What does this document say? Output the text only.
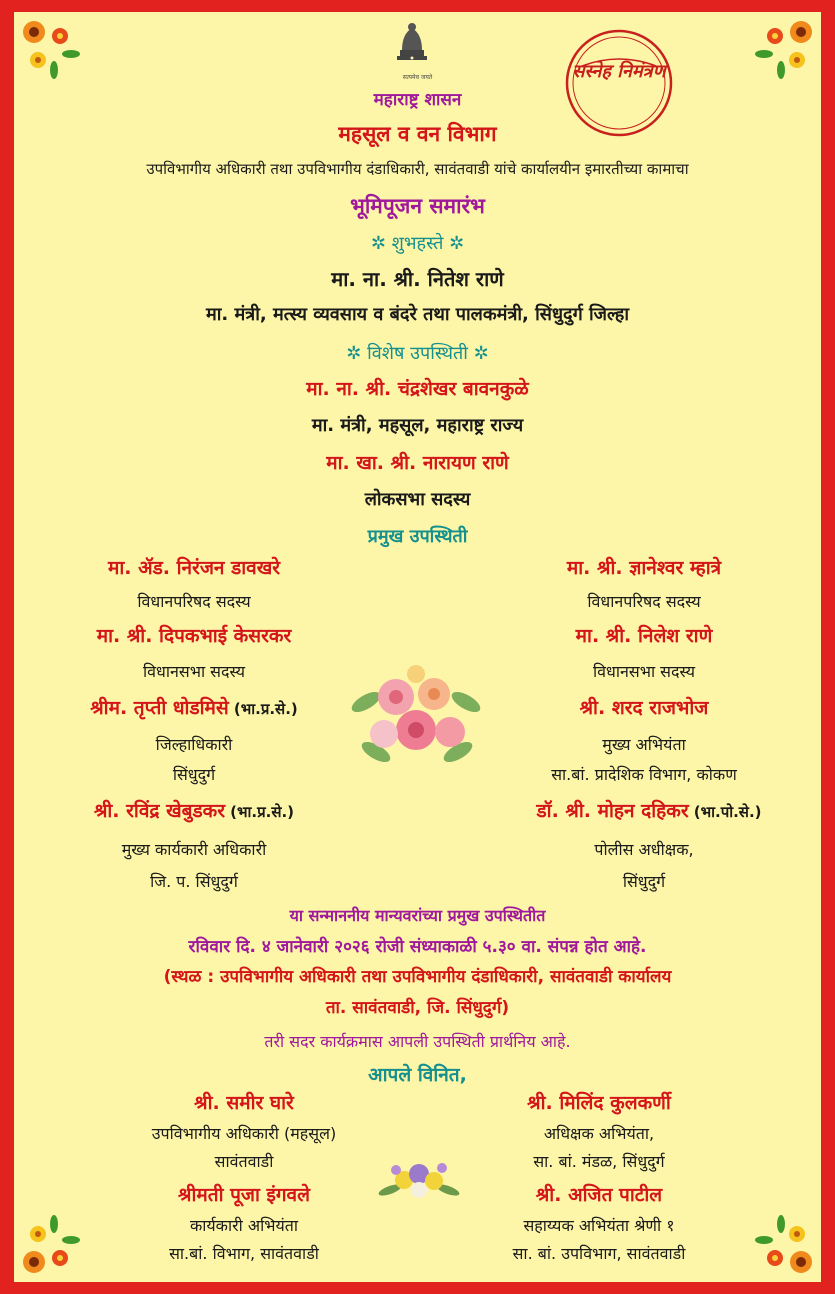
सत्यमेव जयते	सस्नेह निमंत्रण
महाराष्ट्र शासन
महसूल व वन विभाग
उपविभागीय अधिकारी तथा उपविभागीय दंडाधिकारी, सावंतवाडी यांचे कार्यालयीन इमारतीच्या कामाचा
भूमिपूजन समारंभ
✲ शुभहस्ते ✲
मा. ना. श्री. नितेश राणे
मा. मंत्री, मत्स्य व्यवसाय व बंदरे तथा पालकमंत्री, सिंधुदुर्ग जिल्हा
✲ विशेष उपस्थिती ✲
मा. ना. श्री. चंद्रशेखर बावनकुळे
मा. मंत्री, महसूल, महाराष्ट्र राज्य
मा. खा. श्री. नारायण राणे
लोकसभा सदस्य
प्रमुख उपस्थिती
मा. ॲड. निरंजन डावखरे
विधानपरिषद सदस्य
मा. श्री. दिपकभाई केसरकर
विधानसभा सदस्य
श्रीम. तृप्ती धोडमिसे (भा.प्र.से.)
जिल्हाधिकारी
सिंधुदुर्ग
श्री. रविंद्र खेबुडकर (भा.प्र.से.)
मुख्य कार्यकारी अधिकारी
जि. प. सिंधुदुर्ग
मा. श्री. ज्ञानेश्वर म्हात्रे
विधानपरिषद सदस्य
मा. श्री. निलेश राणे
विधानसभा सदस्य
श्री. शरद राजभोज
मुख्य अभियंता
सा.बां. प्रादेशिक विभाग, कोकण
डॉ. श्री. मोहन दहिकर (भा.पो.से.)
पोलीस अधीक्षक,
सिंधुदुर्ग
या सन्माननीय मान्यवरांच्या प्रमुख उपस्थितीत
रविवार दि. ४ जानेवारी २०२६ रोजी संध्याकाळी ५.३० वा. संपन्न होत आहे.
(स्थळ : उपविभागीय अधिकारी तथा उपविभागीय दंडाधिकारी, सावंतवाडी कार्यालय
ता. सावंतवाडी, जि. सिंधुदुर्ग)
तरी सदर कार्यक्रमास आपली उपस्थिती प्रार्थनिय आहे.
आपले विनित,
श्री. समीर घारे
उपविभागीय अधिकारी (महसूल)
सावंतवाडी
श्रीमती पूजा इंगवले
कार्यकारी अभियंता
सा.बां. विभाग, सावंतवाडी
श्री. मिलिंद कुलकर्णी
अधिक्षक अभियंता,
सा. बां. मंडळ, सिंधुदुर्ग
श्री. अजित पाटील
सहाय्यक अभियंता श्रेणी १
सा. बां. उपविभाग, सावंतवाडी
